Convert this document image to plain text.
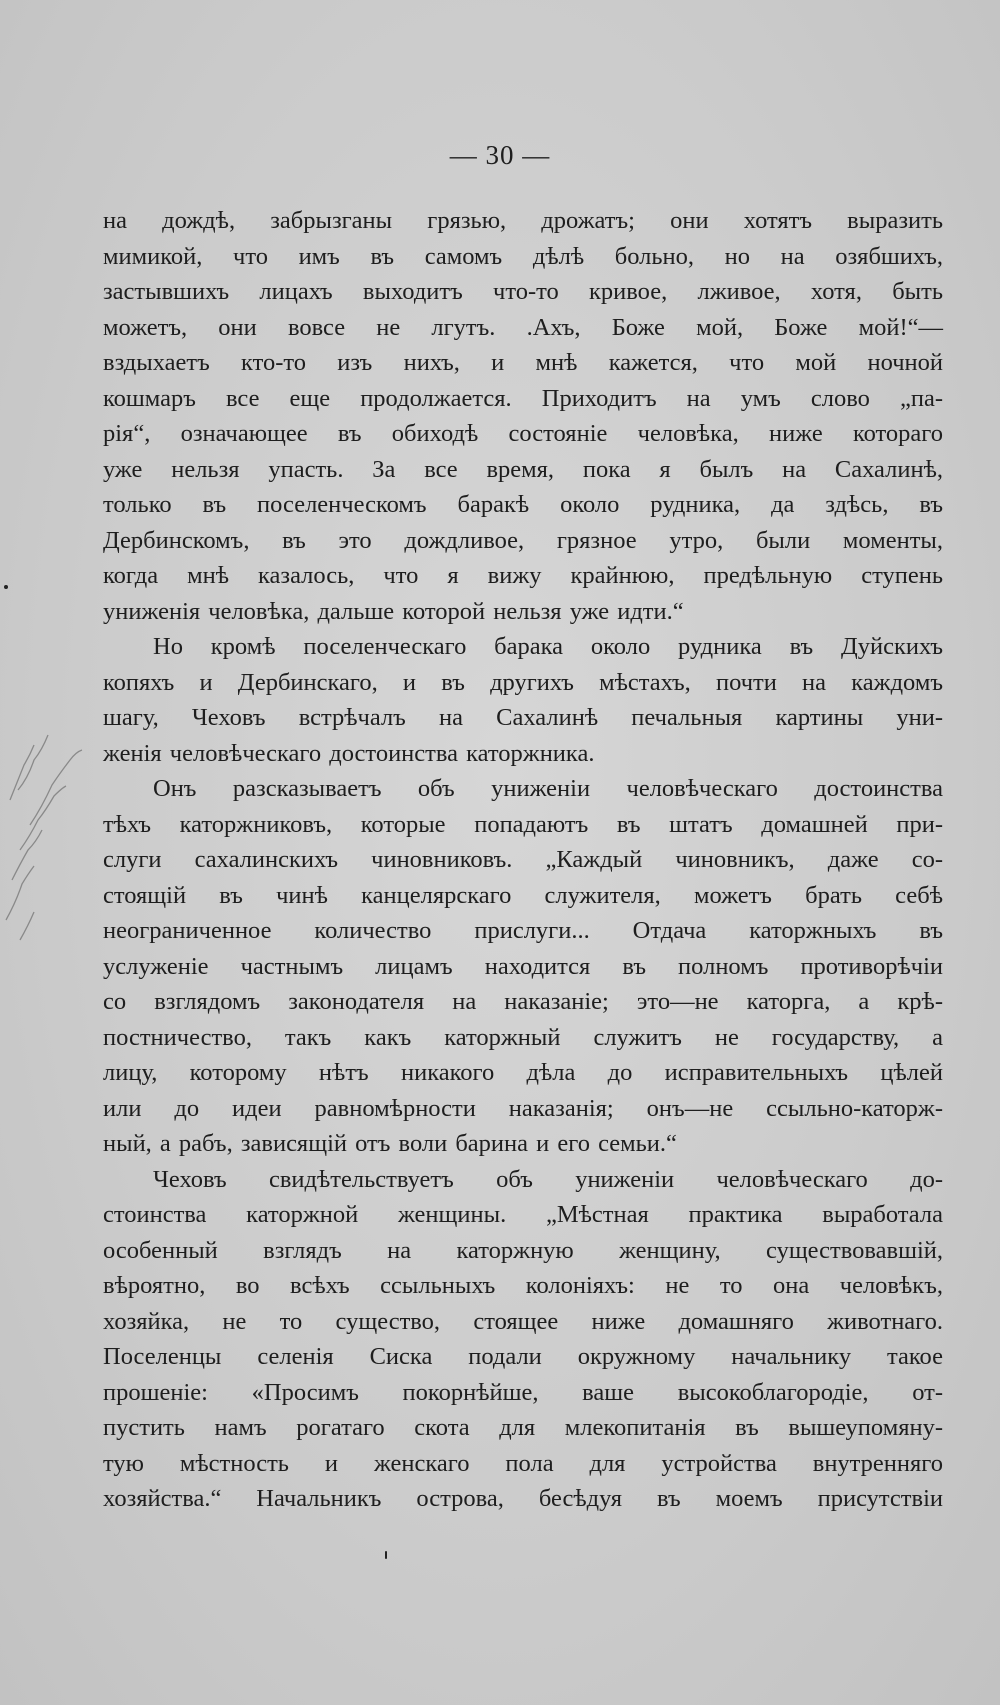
— 30 —
на дождѣ, забрызганы грязью, дрожатъ; они хотятъ выразить
мимикой, что имъ въ самомъ дѣлѣ больно, но на озябшихъ,
застывшихъ лицахъ выходитъ что-то кривое, лживое, хотя, быть
можетъ, они вовсе не лгутъ. .Ахъ, Боже мой, Боже мой!“—
вздыхаетъ кто-то изъ нихъ, и мнѣ кажется, что мой ночной
кошмаръ все еще продолжается. Приходитъ на умъ слово „па-
рія“, означающее въ обиходѣ состояніе человѣка, ниже котораго
уже нельзя упасть. За все время, пока я былъ на Сахалинѣ,
только въ поселенческомъ баракѣ около рудника, да здѣсь, въ
Дербинскомъ, въ это дождливое, грязное утро, были моменты,
когда мнѣ казалось, что я вижу крайнюю, предѣльную ступень
униженія человѣка, дальше которой нельзя уже идти.“
Но кромѣ поселенческаго барака около рудника въ Дуйскихъ
копяхъ и Дербинскаго, и въ другихъ мѣстахъ, почти на каждомъ
шагу, Чеховъ встрѣчалъ на Сахалинѣ печальныя картины уни-
женія человѣческаго достоинства каторжника.
Онъ разсказываетъ объ униженіи человѣческаго достоинства
тѣхъ каторжниковъ, которые попадаютъ въ штатъ домашней при-
слуги сахалинскихъ чиновниковъ. „Каждый чиновникъ, даже со-
стоящій въ чинѣ канцелярскаго служителя, можетъ брать себѣ
неограниченное количество прислуги... Отдача каторжныхъ въ
услуженіе частнымъ лицамъ находится въ полномъ противорѣчіи
со взглядомъ законодателя на наказаніе; это—не каторга, а крѣ-
постничество, такъ какъ каторжный служитъ не государству, а
лицу, которому нѣтъ никакого дѣла до исправительныхъ цѣлей
или до идеи равномѣрности наказанія; онъ—не ссыльно-каторж-
ный, а рабъ, зависящій отъ воли барина и его семьи.“
Чеховъ свидѣтельствуетъ объ униженіи человѣческаго до-
стоинства каторжной женщины. „Мѣстная практика выработала
особенный взглядъ на каторжную женщину, существовавшій,
вѣроятно, во всѣхъ ссыльныхъ колоніяхъ: не то она человѣкъ,
хозяйка, не то существо, стоящее ниже домашняго животнаго.
Поселенцы селенія Сиска подали окружному начальнику такое
прошеніе: «Просимъ покорнѣйше, ваше высокоблагородіе, от-
пустить намъ рогатаго скота для млекопитанія въ вышеупомяну-
тую мѣстность и женскаго пола для устройства внутренняго
хозяйства.“ Начальникъ острова, бесѣдуя въ моемъ присутствіи
